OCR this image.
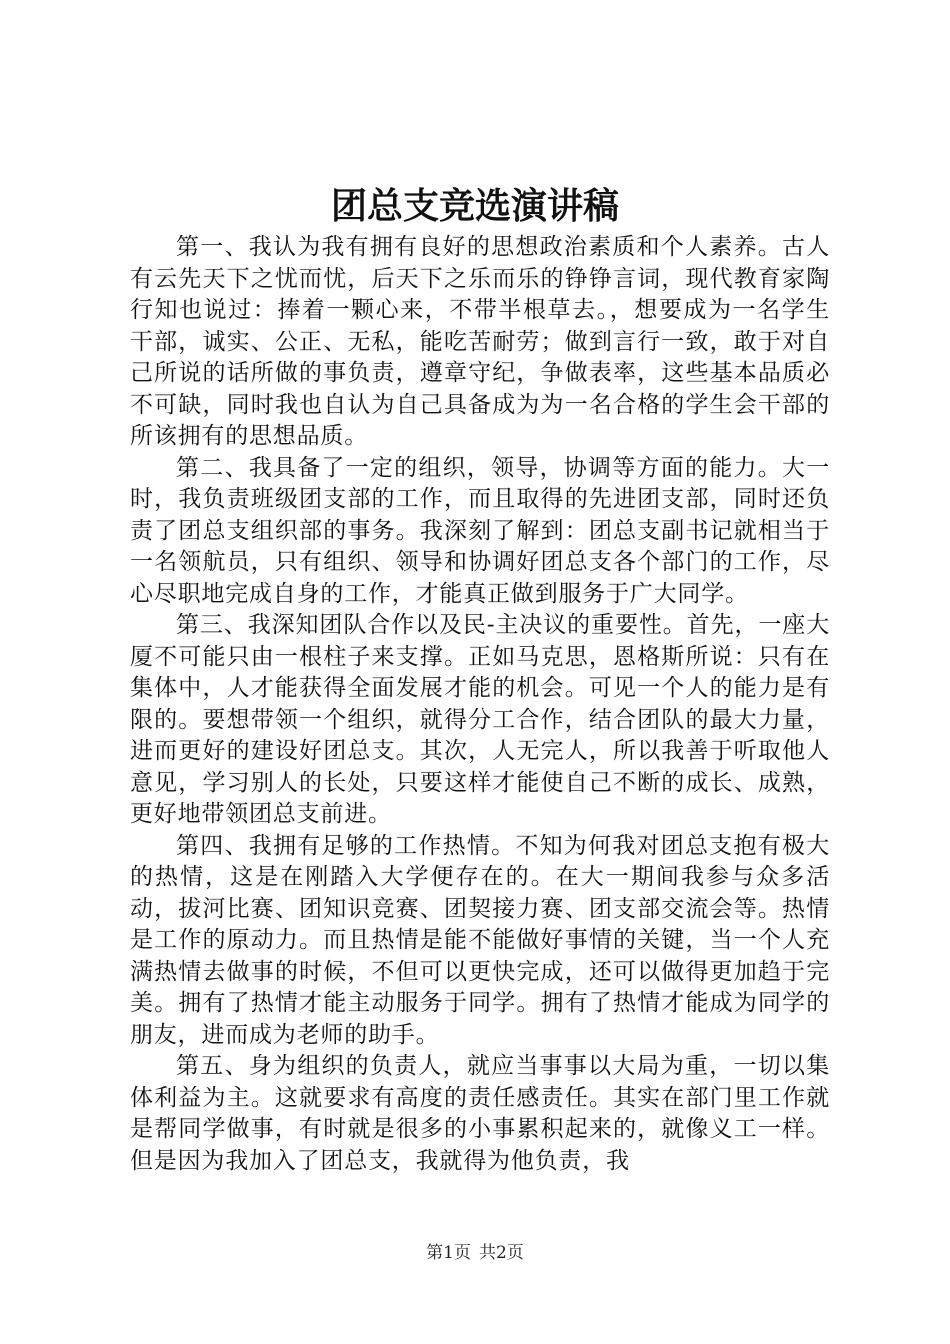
团总支竞选演讲稿

第一、我认为我有拥有良好的思想政治素质和个人素养。古人有云先天下之忧而忧，后天下之乐而乐的铮铮言词，现代教育家陶行知也说过：捧着一颗心来，不带半根草去。，想要成为一名学生干部，诚实、公正、无私，能吃苦耐劳；做到言行一致，敢于对自己所说的话所做的事负责，遵章守纪，争做表率，这些基本品质必不可缺，同时我也自认为自己具备成为为一名合格的学生会干部的所该拥有的思想品质。

第二、我具备了一定的组织，领导，协调等方面的能力。大一时，我负责班级团支部的工作，而且取得的先进团支部，同时还负责了团总支组织部的事务。我深刻了解到：团总支副书记就相当于一名领航员，只有组织、领导和协调好团总支各个部门的工作，尽心尽职地完成自身的工作，才能真正做到服务于广大同学。

第三、我深知团队合作以及民-主决议的重要性。首先，一座大厦不可能只由一根柱子来支撑。正如马克思，恩格斯所说：只有在集体中，人才能获得全面发展才能的机会。可见一个人的能力是有限的。要想带领一个组织，就得分工合作，结合团队的最大力量，进而更好的建设好团总支。其次，人无完人，所以我善于听取他人意见，学习别人的长处，只要这样才能使自己不断的成长、成熟，更好地带领团总支前进。

第四、我拥有足够的工作热情。不知为何我对团总支抱有极大的热情，这是在刚踏入大学便存在的。在大一期间我参与众多活动，拔河比赛、团知识竞赛、团契接力赛、团支部交流会等。热情是工作的原动力。而且热情是能不能做好事情的关键，当一个人充满热情去做事的时候，不但可以更快完成，还可以做得更加趋于完美。拥有了热情才能主动服务于同学。拥有了热情才能成为同学的朋友，进而成为老师的助手。

第五、身为组织的负责人，就应当事事以大局为重，一切以集体利益为主。这就要求有高度的责任感责任。其实在部门里工作就是帮同学做事，有时就是很多的小事累积起来的，就像义工一样。但是因为我加入了团总支，我就得为他负责，我

第1页 共2页
